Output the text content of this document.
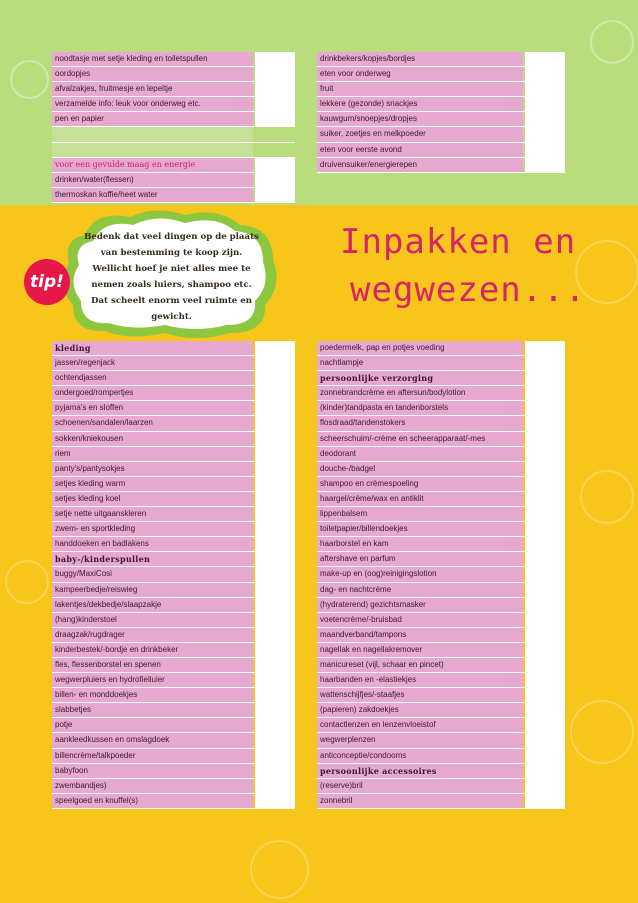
noodtasje met setje kleding en toiletspullen
oordopjes
afvalzakjes, fruitmesje en lepeltje
verzamelde info: leuk voor onderweg etc.
pen en papier
voor een gevulde maag en energie
drinken/water(flessen)
thermoskan koffie/heet water
drinkbekers/kopjes/bordjes
eten voor onderweg
fruit
lekkere (gezonde) snackjes
kauwgum/snoepjes/dropjes
suiker, zoetjes en melkpoeder
eten voor eerste avond
druivensuiker/energierepen
Bedenk dat veel dingen op de plaats van bestemming te koop zijn. Wellicht hoef je niet alles mee te nemen zoals luiers, shampoo etc. Dat scheelt enorm veel ruimte en gewicht.
tip!
Inpakken en
wegwezen...
kleding
jassen/regenjack
ochtendjassen
ondergoed/rompertjes
pyjama's en sloffen
schoenen/sandalen/laarzen
sokken/kniekousen
riem
panty's/pantysokjes
setjes kleding warm
setjes kleding koel
setje nette uitgaanskleren
zwem- en sportkleding
handdoeken en badlakens
baby-/kinderspullen
buggy/MaxiCosi
kampeerbedje/reiswieg
lakentjes/dekbedje/slaapzakje
(hang)kinderstoel
draagzak/rugdrager
kinderbestek/-bordje en drinkbeker
fles, flessenborstel en spenen
wegwerpluiers en hydrofielluier
billen- en monddoekjes
slabbetjes
potje
aankleedkussen en omslagdoek
billencrème/talkpoeder
babyfoon
zwembandjes)
speelgoed en knuffel(s)
poedermelk, pap en potjes voeding
nachtlampje
persoonlijke verzorging
zonnebrandcrème en aftersun/bodylotion
(kinder)tandpasta en tandenborstels
flosdraad/tandenstokers
scheerschuim/-crème en scheerapparaat/-mes
deodorant
douche-/badgel
shampoo en crèmespoeling
haargel/crème/wax en antiklit
lippenbalsem
toiletpapier/billendoekjes
haarborstel en kam
aftershave en parfum
make-up en (oog)reinigingslotion
dag- en nachtcrème
(hydraterend) gezichtsmasker
voetencrème/-bruisbad
maandverband/tampons
nagellak en nagellakremover
manicureset (vijl, schaar en pincet)
haarbanden en -elastiekjes
wattenschijfjes/-staafjes
(papieren) zakdoekjes
contactlenzen en lenzenvloeistof
wegwerplenzen
anticonceptie/condooms
persoonlijke accessoires
(reserve)bril
zonnebril
